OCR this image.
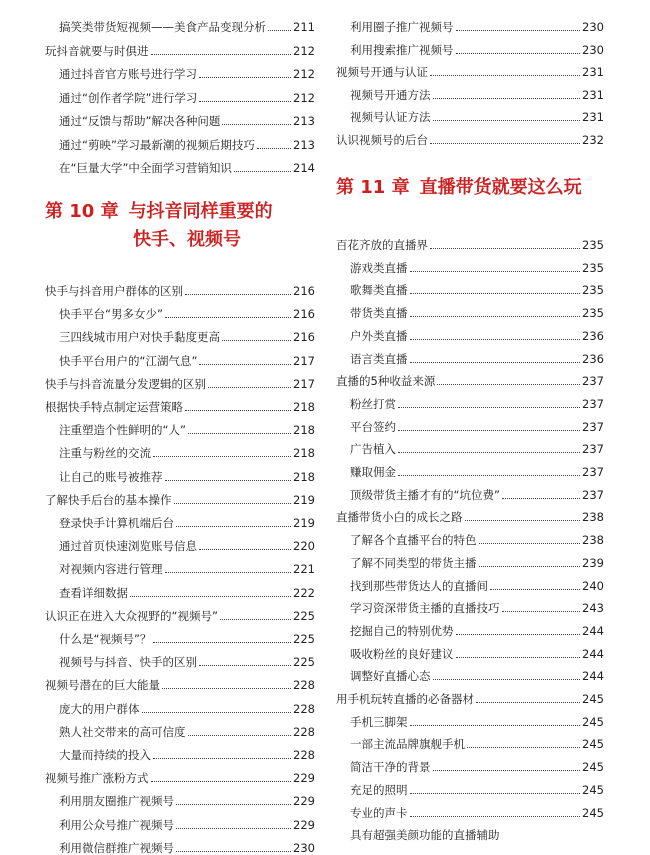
搞笑类带货短视频——美食产品变现分析 211
玩抖音就要与时俱进	212
通过抖音官方账号进行学习	212
通过“创作者学院”进行学习	212
通过“反馈与帮助”解决各种问题	213
通过“剪映”学习最新潮的视频后期技巧	213
在“巨量大学”中全面学习营销知识	214
第 10 章 与抖音同样重要的
快手、视频号
快手与抖音用户群体的区别	216
快手平台“男多女少”	216
三四线城市用户对快手黏度更高	216
快手平台用户的“江湖气息”	217
快手与抖音流量分发逻辑的区别	217
根据快手特点制定运营策略	218
注重塑造个性鲜明的“人”	218
注重与粉丝的交流	218
让自己的账号被推荐	218
了解快手后台的基本操作	219
登录快手计算机端后台	219
通过首页快速浏览账号信息	220
对视频内容进行管理	221
查看详细数据	222
认识正在进入大众视野的“视频号”	225
什么是“视频号”？	225
视频号与抖音、快手的区别	225
视频号潜在的巨大能量	228
庞大的用户群体	228
熟人社交带来的高可信度	228
大量而持续的投入	228
视频号推广涨粉方式	229
利用朋友圈推广视频号	229
利用公众号推广视频号	229
利用微信群推广视频号	230
利用圈子推广视频号	230
利用搜索推广视频号	230
视频号开通与认证	231
视频号开通方法	231
视频号认证方法	231
认识视频号的后台	232
第 11 章 直播带货就要这么玩
百花齐放的直播界	235
游戏类直播	235
歌舞类直播	235
带货类直播	235
户外类直播	236
语言类直播	236
直播的5种收益来源	237
粉丝打赏	237
平台签约	237
广告植入	237
赚取佣金	237
顶级带货主播才有的“坑位费”	237
直播带货小白的成长之路	238
了解各个直播平台的特色	238
了解不同类型的带货主播	239
找到那些带货达人的直播间	240
学习资深带货主播的直播技巧	243
挖掘自己的特别优势	244
吸收粉丝的良好建议	244
调整好直播心态	244
用手机玩转直播的必备器材	245
手机三脚架	245
一部主流品牌旗舰手机	245
简洁干净的背景	245
充足的照明	245
专业的声卡	245
具有超强美颜功能的直播辅助
